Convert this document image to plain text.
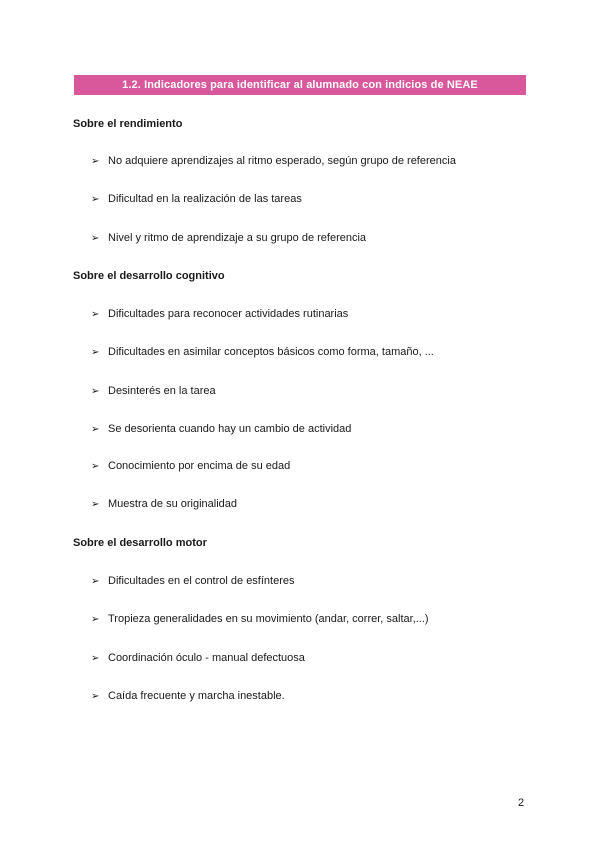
1.2. Indicadores para identificar al alumnado con indicios de NEAE
Sobre el rendimiento
➢ No adquiere aprendizajes al ritmo esperado, según grupo de referencia
➢ Dificultad en la realización de las tareas
➢ Nivel y ritmo de aprendizaje a su grupo de referencia
Sobre el desarrollo cognitivo
➢ Dificultades para reconocer actividades rutinarias
➢ Dificultades en asimilar conceptos básicos como forma, tamaño, ...
➢ Desinterés en la tarea
➢ Se desorienta cuando hay un cambio de actividad
➢ Conocimiento por encima de su edad
➢ Muestra de su originalidad
Sobre el desarrollo motor
➢ Dificultades en el control de esfínteres
➢ Tropieza generalidades en su movimiento (andar, correr, saltar,...)
➢ Coordinación óculo - manual defectuosa
➢ Caída frecuente y marcha inestable.
2
